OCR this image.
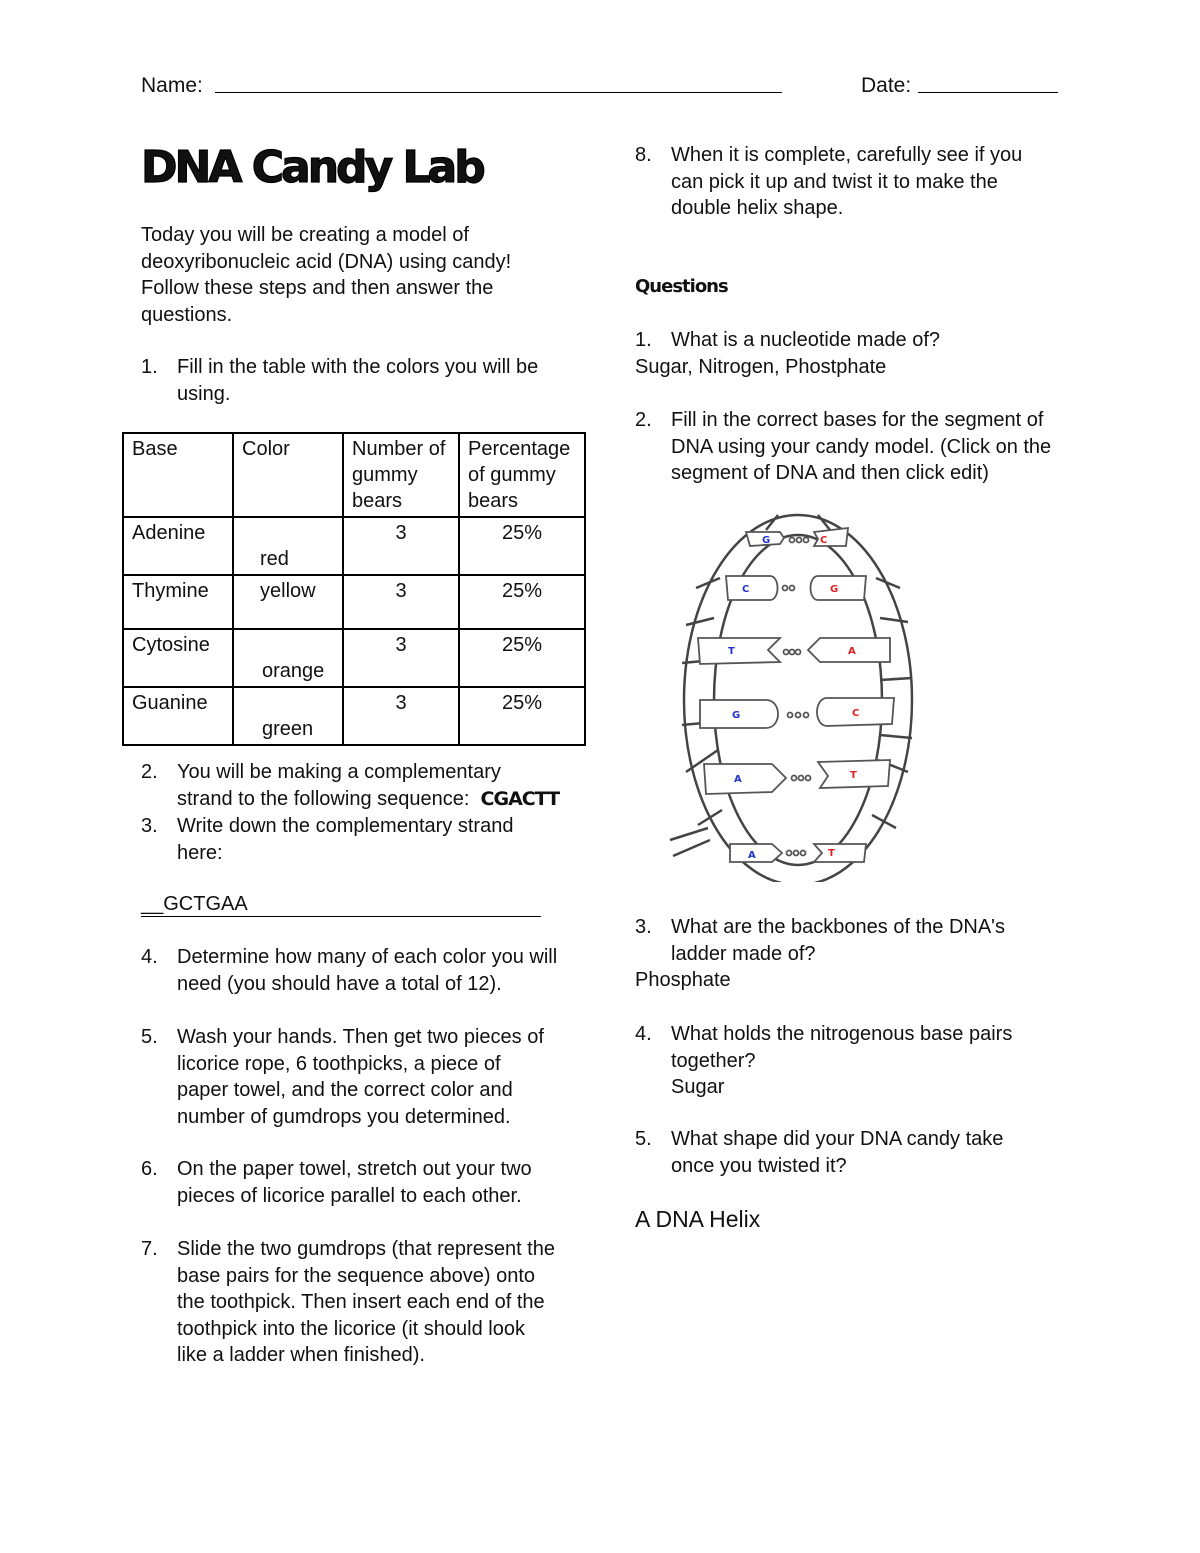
Name:	Date:
DNA Candy Lab
Today you will be creating a model of
deoxyribonucleic acid (DNA) using candy!
Follow these steps and then answer the
questions.
1. Fill in the table with the colors you will be
using.
Base	Color	Number of gummy bears	Percentage of gummy bears
Adenine	red	3	25%
Thymine	yellow	3	25%
Cytosine	orange	3	25%
Guanine	green	3	25%
2. You will be making a complementary
strand to the following sequence: CGACTT
3. Write down the complementary strand
here:
__GCTGAA
4. Determine how many of each color you will
need (you should have a total of 12).
5. Wash your hands. Then get two pieces of
licorice rope, 6 toothpicks, a piece of
paper towel, and the correct color and
number of gumdrops you determined.
6. On the paper towel, stretch out your two
pieces of licorice parallel to each other.
7. Slide the two gumdrops (that represent the
base pairs for the sequence above) onto
the toothpick. Then insert each end of the
toothpick into the licorice (it should look
like a ladder when finished).
8. When it is complete, carefully see if you
can pick it up and twist it to make the
double helix shape.
Questions
1. What is a nucleotide made of?
Sugar, Nitrogen, Phostphate
2. Fill in the correct bases for the segment of
DNA using your candy model. (Click on the
segment of DNA and then click edit)
G	C
C	G
T	A
G	C
A	T
A	T
3. What are the backbones of the DNA's
ladder made of?
Phosphate
4. What holds the nitrogenous base pairs
together?
Sugar
5. What shape did your DNA candy take
once you twisted it?
A DNA Helix
